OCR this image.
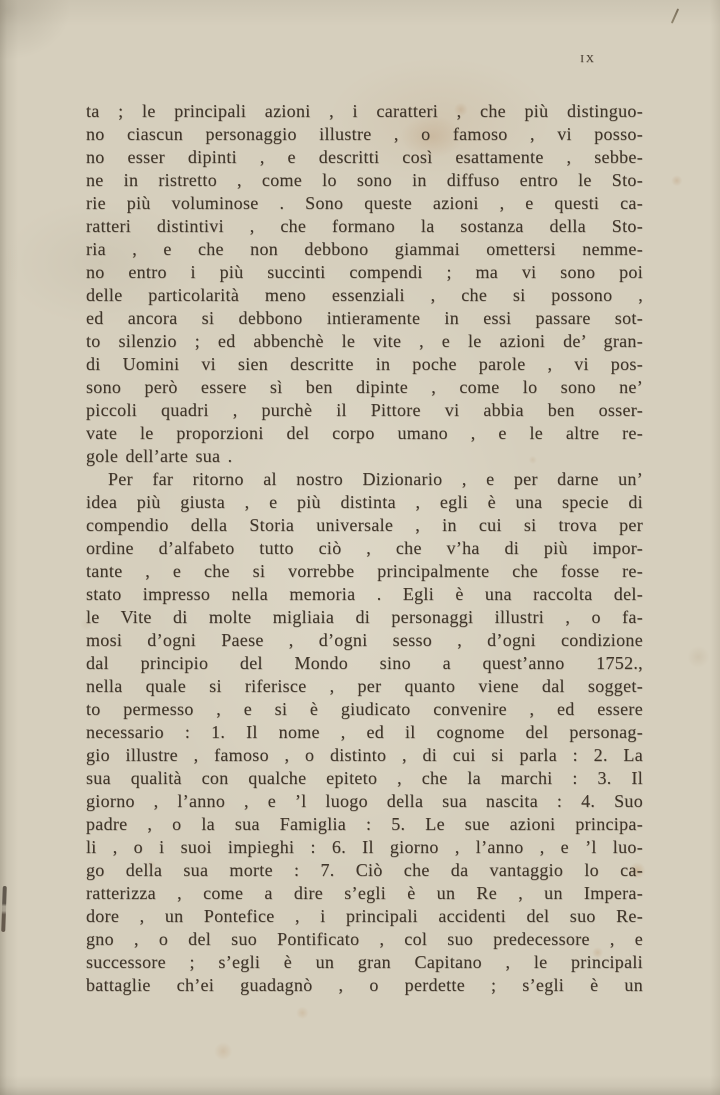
ix
ta ; le principali azioni , i caratteri , che più distinguo-
no ciascun personaggio illustre , o famoso , vi posso-
no esser dipinti , e descritti così esattamente , sebbe-
ne in ristretto , come lo sono in diffuso entro le Sto-
rie più voluminose . Sono queste azioni , e questi ca-
ratteri distintivi , che formano la sostanza della Sto-
ria , e che non debbono giammai omettersi nemme-
no entro i più succinti compendi ; ma vi sono poi
delle particolarità meno essenziali , che si possono ,
ed ancora si debbono intieramente in essi passare sot-
to silenzio ; ed abbenchè le vite , e le azioni de’ gran-
di Uomini vi sien descritte in poche parole , vi pos-
sono però essere sì ben dipinte , come lo sono ne’
piccoli quadri , purchè il Pittore vi abbia ben osser-
vate le proporzioni del corpo umano , e le altre re-
gole dell’arte sua .
Per far ritorno al nostro Dizionario , e per darne un’
idea più giusta , e più distinta , egli è una specie di
compendio della Storia universale , in cui si trova per
ordine d’alfabeto tutto ciò , che v’ha di più impor-
tante , e che si vorrebbe principalmente che fosse re-
stato impresso nella memoria . Egli è una raccolta del-
le Vite di molte migliaia di personaggi illustri , o fa-
mosi d’ogni Paese , d’ogni sesso , d’ogni condizione
dal principio del Mondo sino a quest’anno 1752.,
nella quale si riferisce , per quanto viene dal sogget-
to permesso , e si è giudicato convenire , ed essere
necessario : 1. Il nome , ed il cognome del personag-
gio illustre , famoso , o distinto , di cui si parla : 2. La
sua qualità con qualche epiteto , che la marchi : 3. Il
giorno , l’anno , e ’l luogo della sua nascita : 4. Suo
padre , o la sua Famiglia : 5. Le sue azioni principa-
li , o i suoi impieghi : 6. Il giorno , l’anno , e ’l luo-
go della sua morte : 7. Ciò che da vantaggio lo ca-
ratterizza , come a dire s’egli è un Re , un Impera-
dore , un Pontefice , i principali accidenti del suo Re-
gno , o del suo Pontificato , col suo predecessore , e
successore ; s’egli è un gran Capitano , le principali
battaglie ch’ei guadagnò , o perdette ; s’egli è un
